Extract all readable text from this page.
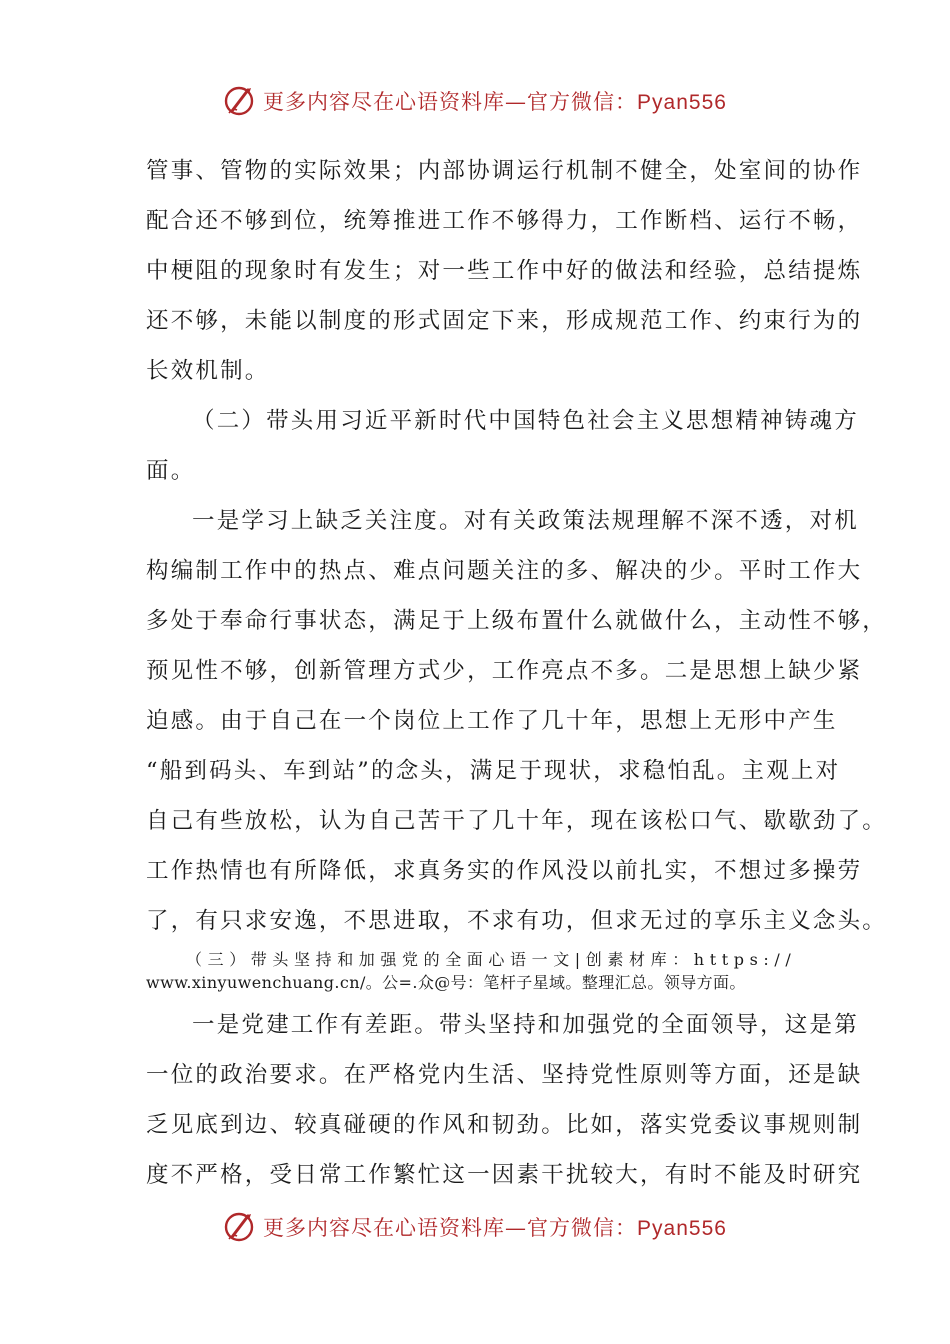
更多内容尽在心语资料库—官方微信：Pyan556
管事、管物的实际效果；内部协调运行机制不健全，处室间的协作
配合还不够到位，统筹推进工作不够得力，工作断档、运行不畅，
中梗阻的现象时有发生；对一些工作中好的做法和经验，总结提炼
还不够，未能以制度的形式固定下来，形成规范工作、约束行为的
长效机制。
（二）带头用习近平新时代中国特色社会主义思想精神铸魂方
面。
一是学习上缺乏关注度。对有关政策法规理解不深不透，对机
构编制工作中的热点、难点问题关注的多、解决的少。平时工作大
多处于奉命行事状态，满足于上级布置什么就做什么，主动性不够，
预见性不够，创新管理方式少，工作亮点不多。二是思想上缺少紧
迫感。由于自己在一个岗位上工作了几十年，思想上无形中产生
“船到码头、车到站”的念头，满足于现状，求稳怕乱。主观上对
自己有些放松，认为自己苦干了几十年，现在该松口气、歇歇劲了。
工作热情也有所降低，求真务实的作风没以前扎实，不想过多操劳
了，有只求安逸，不思进取，不求有功，但求无过的享乐主义念头。
（三）带头坚持和加强党的全面心语一文|创素材库：https://
www.xinyuwenchuang.cn/。公=.众@号：笔杆子星域。整理汇总。领导方面。
一是党建工作有差距。带头坚持和加强党的全面领导，这是第
一位的政治要求。在严格党内生活、坚持党性原则等方面，还是缺
乏见底到边、较真碰硬的作风和韧劲。比如，落实党委议事规则制
度不严格，受日常工作繁忙这一因素干扰较大，有时不能及时研究
更多内容尽在心语资料库—官方微信：Pyan556
